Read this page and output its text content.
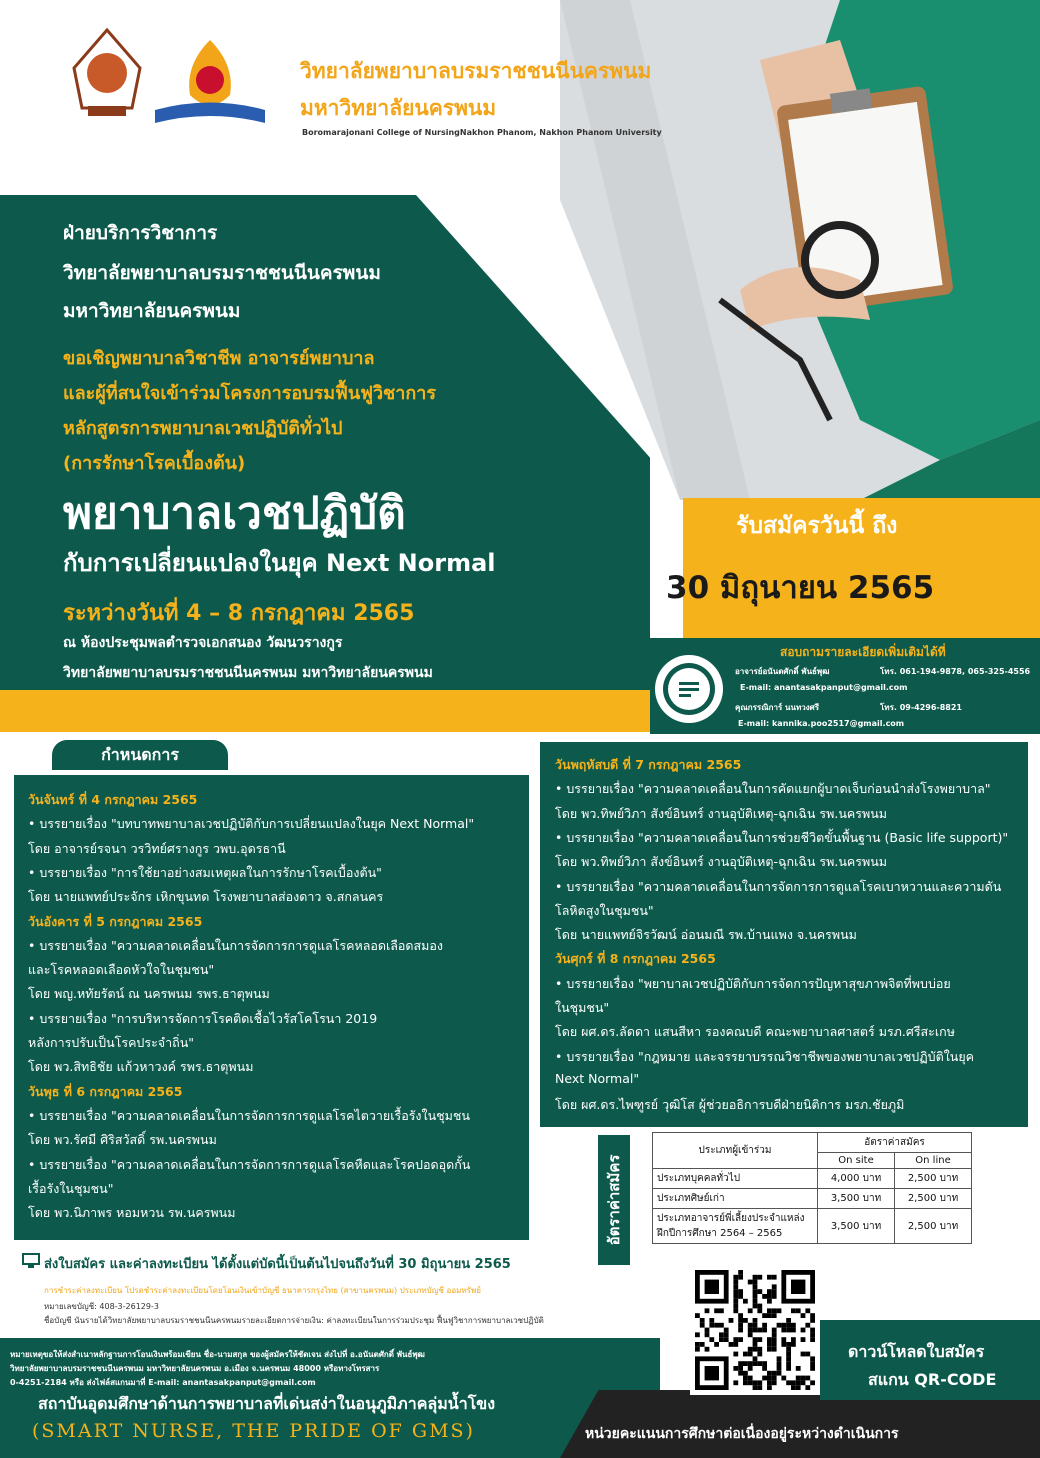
วิทยาลัยพยาบาลบรมราชชนนีนครพนม
มหาวิทยาลัยนครพนม
Boromarajonani College of NursingNakhon Phanom, Nakhon Phanom University
ฝ่ายบริการวิชาการ
วิทยาลัยพยาบาลบรมราชชนนีนครพนม
มหาวิทยาลัยนครพนม
ขอเชิญพยาบาลวิชาชีพ อาจารย์พยาบาล
และผู้ที่สนใจเข้าร่วมโครงการอบรมฟื้นฟูวิชาการ
หลักสูตรการพยาบาลเวชปฏิบัติทั่วไป
(การรักษาโรคเบื้องต้น)
พยาบาลเวชปฏิบัติ
กับการเปลี่ยนแปลงในยุค Next Normal
ระหว่างวันที่ 4 – 8 กรกฎาคม 2565
ณ ห้องประชุมพลตำรวจเอกสนอง วัฒนวรางกูร
วิทยาลัยพยาบาลบรมราชชนนีนครพนม มหาวิทยาลัยนครพนม
รับสมัครวันนี้ ถึง
30 มิถุนายน 2565
สอบถามรายละเอียดเพิ่มเติมได้ที่
อาจารย์อนันตศักดิ์ พันธ์พุฒ	โทร. 061-194-9878, 065-325-4556
E-mail: anantasakpanput@gmail.com
คุณกรรณิการ์ นนทวงศรี	โทร. 09-4296-8821
E-mail: kannika.poo2517@gmail.com
กำหนดการ
วันจันทร์ ที่ 4 กรกฎาคม 2565
• บรรยายเรื่อง "บทบาทพยาบาลเวชปฏิบัติกับการเปลี่ยนแปลงในยุค Next Normal"
โดย อาจารย์รจนา วรวิทย์ศรางกูร วพบ.อุดรธานี
• บรรยายเรื่อง "การใช้ยาอย่างสมเหตุผลในการรักษาโรคเบื้องต้น"
โดย นายแพทย์ประจักร เหิกขุนทด โรงพยาบาลส่องดาว จ.สกลนคร
วันอังคาร ที่ 5 กรกฎาคม 2565
• บรรยายเรื่อง "ความคลาดเคลื่อนในการจัดการการดูแลโรคหลอดเลือดสมอง
และโรคหลอดเลือดหัวใจในชุมชน"
โดย พญ.หทัยรัตน์ ณ นครพนม รพร.ธาตุพนม
• บรรยายเรื่อง "การบริหารจัดการโรคติดเชื้อไวรัสโคโรนา 2019
หลังการปรับเป็นโรคประจำถิ่น"
โดย พว.สิทธิชัย แก้วหาวงค์ รพร.ธาตุพนม
วันพุธ ที่ 6 กรกฎาคม 2565
• บรรยายเรื่อง "ความคลาดเคลื่อนในการจัดการการดูแลโรคไตวายเรื้อรังในชุมชน
โดย พว.รัศมี ศิริสวัสดิ์ รพ.นครพนม
• บรรยายเรื่อง "ความคลาดเคลื่อนในการจัดการการดูแลโรคหืดและโรคปอดอุดกั้น
เรื้อรังในชุมชน"
โดย พว.นิภาพร หอมหวน รพ.นครพนม
วันพฤหัสบดี ที่ 7 กรกฎาคม 2565
• บรรยายเรื่อง "ความคลาดเคลื่อนในการคัดแยกผู้บาดเจ็บก่อนนำส่งโรงพยาบาล"
โดย พว.ทิพย์วิภา สังข์อินทร์ งานอุบัติเหตุ-ฉุกเฉิน รพ.นครพนม
• บรรยายเรื่อง "ความคลาดเคลื่อนในการช่วยชีวิตขั้นพื้นฐาน (Basic life support)"
โดย พว.ทิพย์วิภา สังข์อินทร์ งานอุบัติเหตุ-ฉุกเฉิน รพ.นครพนม
• บรรยายเรื่อง "ความคลาดเคลื่อนในการจัดการการดูแลโรคเบาหวานและความดัน
โลหิตสูงในชุมชน"
โดย นายแพทย์จิรวัฒน์ อ่อนมณี รพ.บ้านแพง จ.นครพนม
วันศุกร์ ที่ 8 กรกฎาคม 2565
• บรรยายเรื่อง "พยาบาลเวชปฏิบัติกับการจัดการปัญหาสุขภาพจิตที่พบบ่อย
ในชุมชน"
โดย ผศ.ดร.ลัดดา แสนสีหา รองคณบดี คณะพยาบาลศาสตร์ มรภ.ศรีสะเกษ
• บรรยายเรื่อง "กฎหมาย และจรรยาบรรณวิชาชีพของพยาบาลเวชปฏิบัติในยุค
Next Normal"
โดย ผศ.ดร.ไพฑูรย์ วุฒิโส ผู้ช่วยอธิการบดีฝ่ายนิติการ มรภ.ชัยภูมิ
อัตราค่าสมัคร
ประเภทผู้เข้าร่วม	อัตราค่าสมัคร	
	On site	On line
ประเภทบุคคลทั่วไป	4,000 บาท	2,500 บาท
ประเภทศิษย์เก่า	3,500 บาท	2,500 บาท
ประเภทอาจารย์พี่เลี้ยงประจำแหล่งฝึกปีการศึกษา 2564 – 2565	3,500 บาท	2,500 บาท
ส่งใบสมัคร และค่าลงทะเบียน ได้ตั้งแต่บัดนี้เป็นต้นไปจนถึงวันที่ 30 มิถุนายน 2565
การชำระค่าลงทะเบียน โปรดชำระค่าลงทะเบียนโดยโอนเงินเข้าบัญชี ธนาคารกรุงไทย (สาขานครพนม) ประเภทบัญชี ออมทรัพย์
หมายเลขบัญชี: 408-3-26129-3
ชื่อบัญชี นันรายได้วิทยาลัยพยาบาลบรมราชชนนีนครพนมรายละเอียดการจ่ายเงิน: ค่าลงทะเบียนในการร่วมประชุม ฟื้นฟูวิชาการพยาบาลเวชปฏิบัติ
หมายเหตุขอให้ส่งสำเนาหลักฐานการโอนเงินพร้อมเขียน ชื่อ-นามสกุล ของผู้สมัครให้ชัดเจน ส่งไปที่ อ.อนันตศักดิ์ พันธ์พุฒ
วิทยาลัยพยาบาลบรมราชชนนีนครพนม มหาวิทยาลัยนครพนม อ.เมือง จ.นครพนม 48000 หรือทางโทรสาร
0-4251-2184 หรือ ส่งไฟล์สแกนมาที่ E-mail: anantasakpanput@gmail.com
สถาบันอุดมศึกษาด้านการพยาบาลที่เด่นสง่าในอนุภูมิภาคลุ่มน้ำโขง
(SMART NURSE, THE PRIDE OF GMS)
ดาวน์โหลดใบสมัคร
สแกน QR-CODE
หน่วยคะแนนการศึกษาต่อเนื่องอยู่ระหว่างดำเนินการ
